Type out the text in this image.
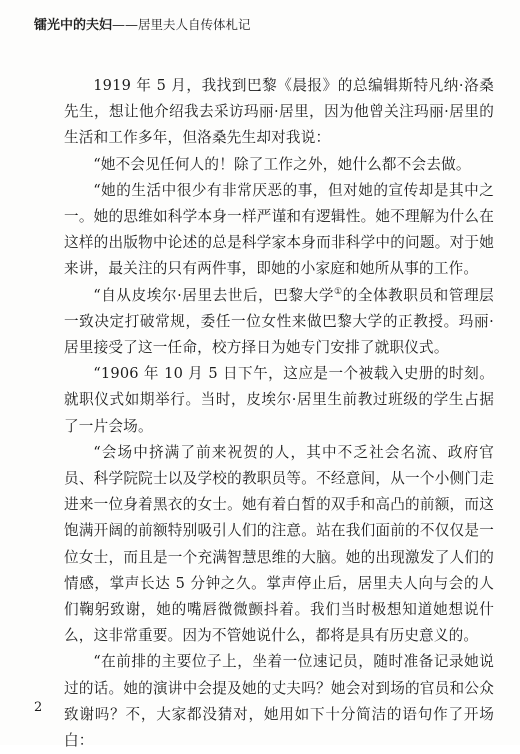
镭光中的夫妇——居里夫人自传体札记

1919 年 5 月，我找到巴黎《晨报》的总编辑斯特凡纳·洛桑先生，想让他介绍我去采访玛丽·居里，因为他曾关注玛丽·居里的生活和工作多年，但洛桑先生却对我说：

“她不会见任何人的！除了工作之外，她什么都不会去做。

“她的生活中很少有非常厌恶的事，但对她的宣传却是其中之一。她的思维如科学本身一样严谨和有逻辑性。她不理解为什么在这样的出版物中论述的总是科学家本身而非科学中的问题。对于她来讲，最关注的只有两件事，即她的小家庭和她所从事的工作。

“自从皮埃尔·居里去世后，巴黎大学①的全体教职员和管理层一致决定打破常规，委任一位女性来做巴黎大学的正教授。玛丽·居里接受了这一任命，校方择日为她专门安排了就职仪式。

“1906 年 10 月 5 日下午，这应是一个被载入史册的时刻。就职仪式如期举行。当时，皮埃尔·居里生前教过班级的学生占据了一片会场。

“会场中挤满了前来祝贺的人，其中不乏社会名流、政府官员、科学院院士以及学校的教职员等。不经意间，从一个小侧门走进来一位身着黑衣的女士。她有着白皙的双手和高凸的前额，而这饱满开阔的前额特别吸引人们的注意。站在我们面前的不仅仅是一位女士，而且是一个充满智慧思维的大脑。她的出现激发了人们的情感，掌声长达 5 分钟之久。掌声停止后，居里夫人向与会的人们鞠躬致谢，她的嘴唇微微颤抖着。我们当时极想知道她想说什么，这非常重要。因为不管她说什么，都将是具有历史意义的。

“在前排的主要位子上，坐着一位速记员，随时准备记录她说过的话。她的演讲中会提及她的丈夫吗？她会对到场的官员和公众致谢吗？不，大家都没猜对，她用如下十分简洁的语句作了开场白：

2
